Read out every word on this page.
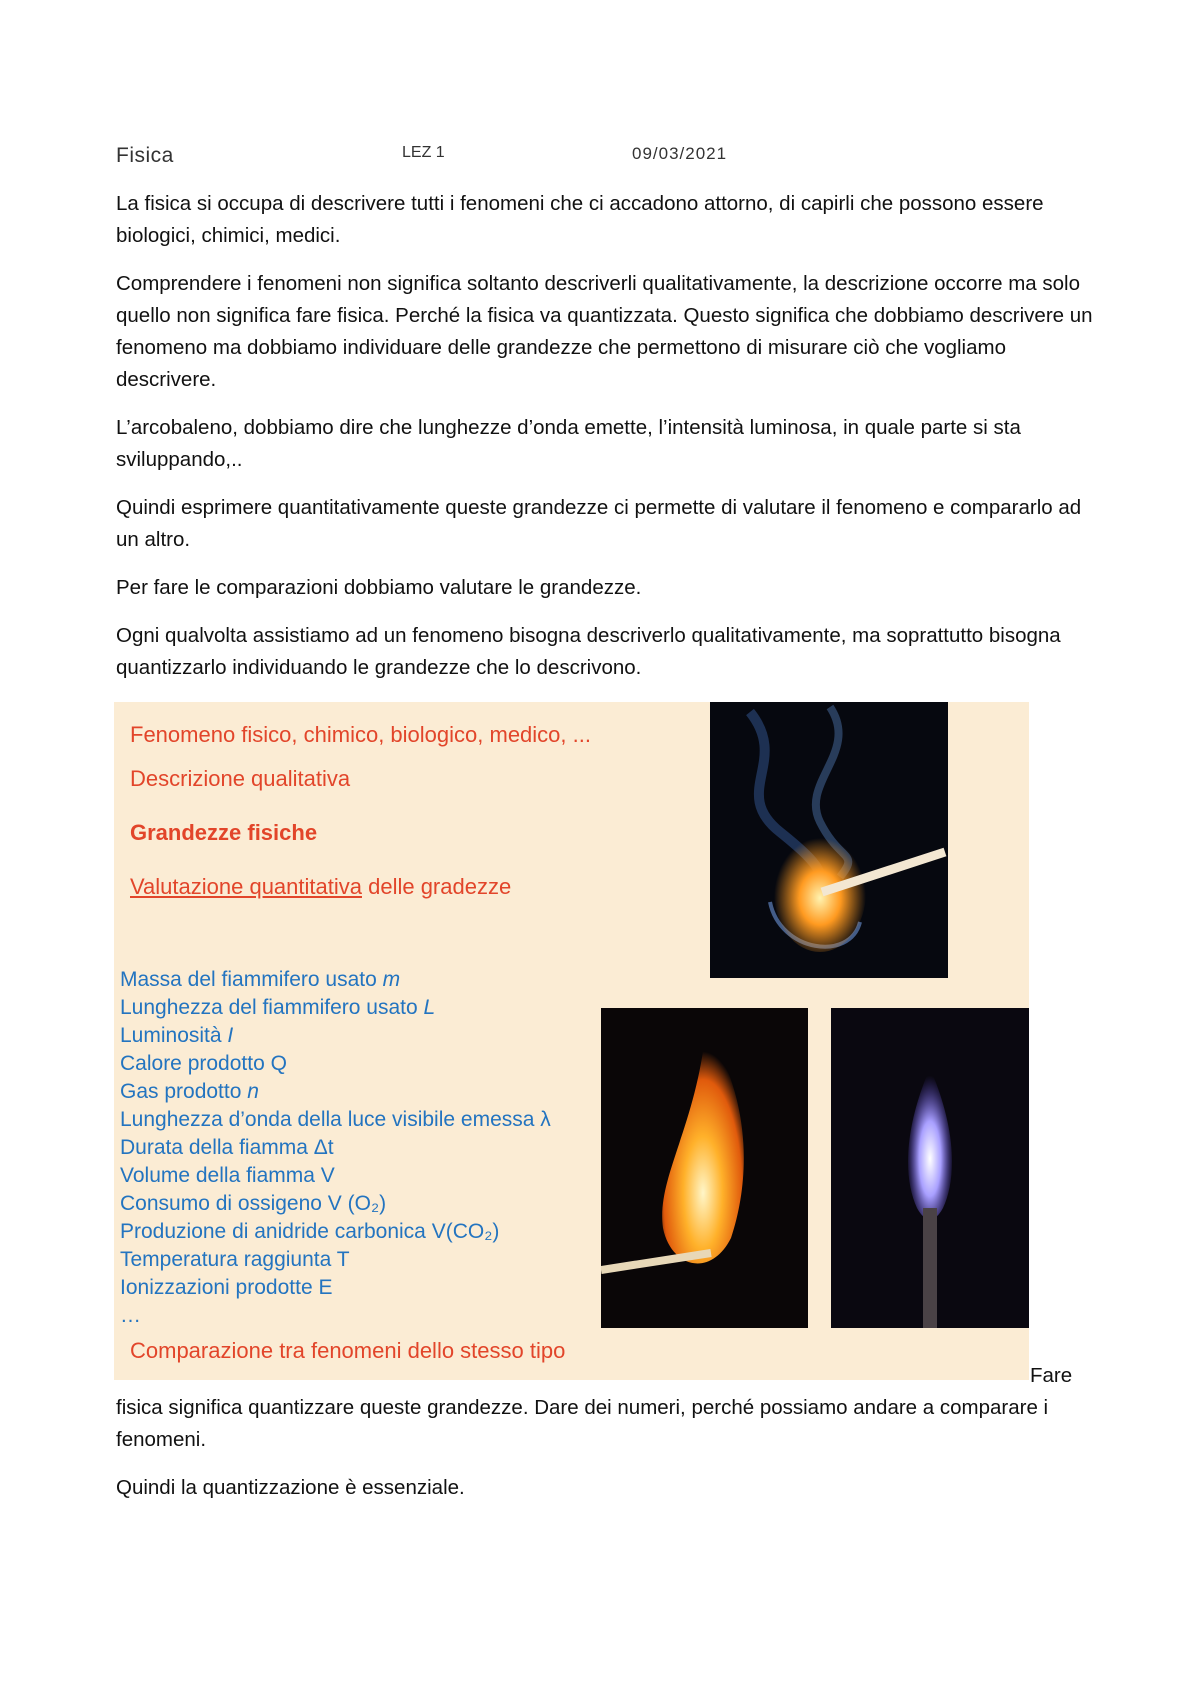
Fisica	LEZ 1	09/03/2021

La fisica si occupa di descrivere tutti i fenomeni che ci accadono attorno, di capirli che possono essere biologici, chimici, medici.

Comprendere i fenomeni non significa soltanto descriverli qualitativamente, la descrizione occorre ma solo quello non significa fare fisica. Perché la fisica va quantizzata. Questo significa che dobbiamo descrivere un fenomeno ma dobbiamo individuare delle grandezze che permettono di misurare ciò che vogliamo descrivere.

L’arcobaleno, dobbiamo dire che lunghezze d’onda emette, l’intensità luminosa, in quale parte si sta sviluppando,..

Quindi esprimere quantitativamente queste grandezze ci permette di valutare il fenomeno e compararlo ad un altro.

Per fare le comparazioni dobbiamo valutare le grandezze.

Ogni qualvolta assistiamo ad un fenomeno bisogna descriverlo qualitativamente, ma soprattutto bisogna quantizzarlo individuando le grandezze che lo descrivono.

Fenomeno fisico, chimico, biologico, medico, ...
Descrizione qualitativa
Grandezze fisiche
Valutazione quantitativa delle gradezze
Massa del fiammifero usato m
Lunghezza del fiammifero usato L
Luminosità I
Calore prodotto Q
Gas prodotto n
Lunghezza d’onda della luce visibile emessa λ
Durata della fiamma Δt
Volume della fiamma V
Consumo di ossigeno V (O₂)
Produzione di anidride carbonica V(CO₂)
Temperatura raggiunta T
Ionizzazioni prodotte E
…
Comparazione tra fenomeni dello stesso tipo
Fare

fisica significa quantizzare queste grandezze. Dare dei numeri, perché possiamo andare a comparare i fenomeni.

Quindi la quantizzazione è essenziale.
